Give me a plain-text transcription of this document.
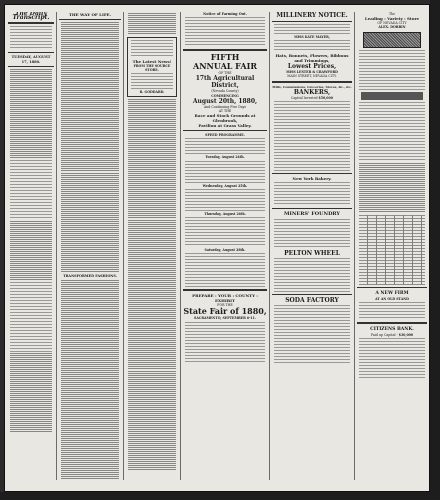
The Daily Transcript.
TUESDAY, AUGUST 17, 1880.
THE WAY OF LIFE.
TRANSFORMED FASHIONS.
The Latest News!
FROM THE SOURCE STORE.
R. GODDARD.
Notice of Farming Out.
FIFTH
ANNUAL FAIR
OF THE
17th Agricultural District,
(Nevada County)
COMMENCING
August 20th, 1880,
And Continuing Five Days
AT THE
Race and Stock Grounds at Glenbrook,
Pavilion at Grass Valley.
SPEED PROGRAMME.
Tuesday, August 24th.
Wednesday, August 25th.
Thursday, August 26th.
Saturday, August 28th.
PREPARE : YOUR : COUNTY : EXHIBIT
FOR THE
State Fair of 1880,
SACRAMENTO, SEPTEMBER 6-11.
MILLINERY NOTICE.
MISS KATE MAYER,
Hats, Bonnets, Flowers, Ribbons and Trimmings,
Lowest Prices,
MISS LESTER & CRAWFORD
MAIN STREET, NEVADA CITY.
Mills, Commissions, Groceries, Stoves, &c., &c.
BANKERS,
Capital Invested $50,000
New York Bakery.
MINERS' FOUNDRY
PELTON WHEEL
SODA FACTORY
The
Leading : Variety : Store
OF NEVADA CITY
ALEX. DOBBIN
A NEW FIRM
AT AN OLD STAND
CITIZENS BANK.
Paid up Capital - $30,000
